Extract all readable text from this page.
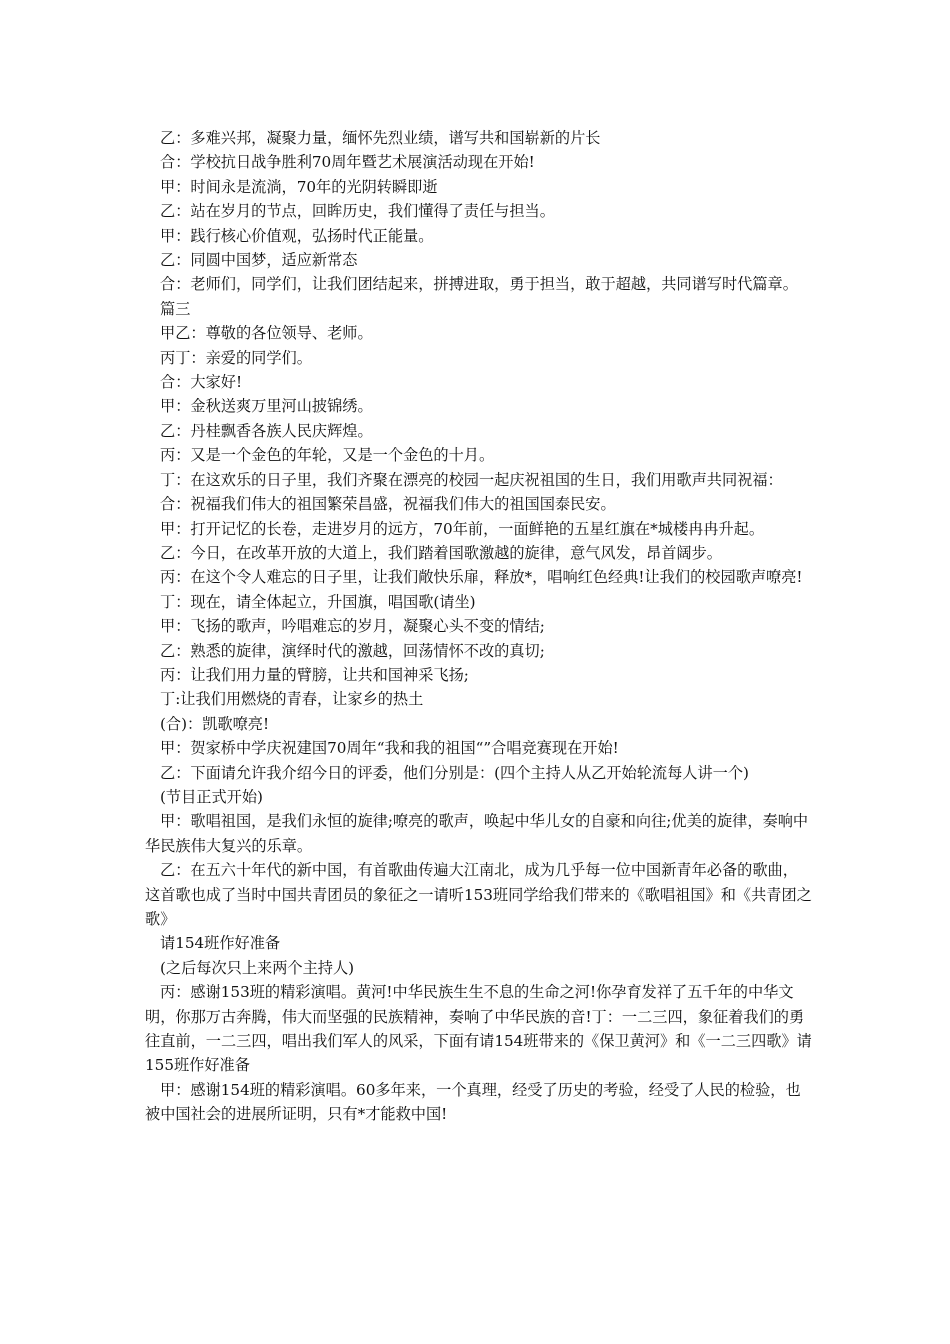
乙：多难兴邦，凝聚力量，缅怀先烈业绩，谱写共和国崭新的片长

合：学校抗日战争胜利70周年暨艺术展演活动现在开始!

甲：时间永是流淌，70年的光阴转瞬即逝

乙：站在岁月的节点，回眸历史，我们懂得了责任与担当。

甲：践行核心价值观，弘扬时代正能量。

乙：同圆中国梦，适应新常态

合：老师们，同学们，让我们团结起来，拼搏进取，勇于担当，敢于超越，共同谱写时代篇章。

篇三

甲乙：尊敬的各位领导、老师。

丙丁：亲爱的同学们。

合：大家好!

甲：金秋送爽万里河山披锦绣。

乙：丹桂飘香各族人民庆辉煌。

丙：又是一个金色的年轮，又是一个金色的十月。

丁：在这欢乐的日子里，我们齐聚在漂亮的校园一起庆祝祖国的生日，我们用歌声共同祝福：

合：祝福我们伟大的祖国繁荣昌盛，祝福我们伟大的祖国国泰民安。

甲：打开记忆的长卷，走进岁月的远方，70年前，一面鲜艳的五星红旗在*城楼冉冉升起。

乙：今日，在改革开放的大道上，我们踏着国歌激越的旋律，意气风发，昂首阔步。

丙：在这个令人难忘的日子里，让我们敞快乐扉，释放*，唱响红色经典!让我们的校园歌声嘹亮!

丁：现在，请全体起立，升国旗，唱国歌(请坐)

甲：飞扬的歌声，吟唱难忘的岁月，凝聚心头不变的情结;

乙：熟悉的旋律，演绎时代的激越，回荡情怀不改的真切;

丙：让我们用力量的臂膀，让共和国神采飞扬;

丁:让我们用燃烧的青春，让家乡的热土

(合)：凯歌嘹亮!

甲：贺家桥中学庆祝建国70周年“我和我的祖国“”合唱竞赛现在开始!

乙：下面请允许我介绍今日的评委，他们分别是：(四个主持人从乙开始轮流每人讲一个)

(节目正式开始)

甲：歌唱祖国，是我们永恒的旋律;嘹亮的歌声，唤起中华儿女的自豪和向往;优美的旋律，奏响中华民族伟大复兴的乐章。

乙：在五六十年代的新中国，有首歌曲传遍大江南北，成为几乎每一位中国新青年必备的歌曲，这首歌也成了当时中国共青团员的象征之一请听153班同学给我们带来的《歌唱祖国》和《共青团之歌》

请154班作好准备

(之后每次只上来两个主持人)

丙：感谢153班的精彩演唱。黄河!中华民族生生不息的生命之河!你孕育发祥了五千年的中华文明，你那万古奔腾，伟大而坚强的民族精神，奏响了中华民族的音!丁：一二三四，象征着我们的勇往直前，一二三四，唱出我们军人的风采，下面有请154班带来的《保卫黄河》和《一二三四歌》请155班作好准备

甲：感谢154班的精彩演唱。60多年来，一个真理，经受了历史的考验，经受了人民的检验，也被中国社会的进展所证明，只有*才能救中国!
